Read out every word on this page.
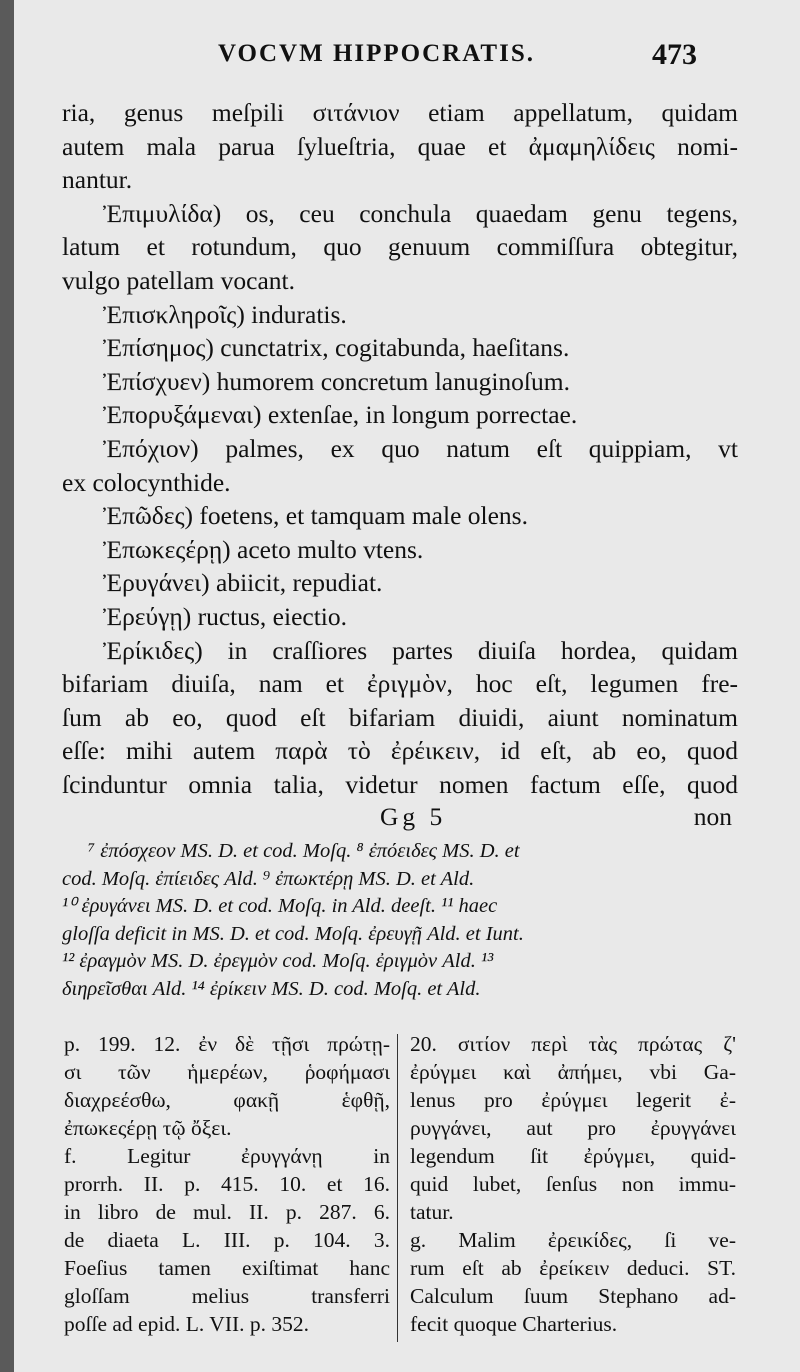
VOCVM HIPPOCRATIS.	473
ria, genus meſpili σιτάνιον etiam appellatum, quidam
autem mala parua ſylueſtria, quae et ἀμαμηλίδεις nomi-
nantur.
Ἐπιμυλίδα) os, ceu conchula quaedam genu tegens,
latum et rotundum, quo genuum commiſſura obtegitur,
vulgo patellam vocant.
Ἐπισκληροῖς) induratis.
Ἐπίσημος) cunctatrix, cogitabunda, haeſitans.
Ἐπίσχυεν) humorem concretum lanuginoſum.
Ἐπορυξάμεναι) extenſae, in longum porrectae.
Ἐπόχιον) palmes, ex quo natum eſt quippiam, vt
ex colocynthide.
Ἐπῶδες) foetens, et tamquam male olens.
Ἐπωκεςέρῃ) aceto multo vtens.
Ἐρυγάνει) abiicit, repudiat.
Ἐρεύγῃ) ructus, eiectio.
Ἐρίκιδες) in craſſiores partes diuiſa hordea, quidam
bifariam diuiſa, nam et ἐριγμὸν, hoc eſt, legumen fre-
ſum ab eo, quod eſt bifariam diuidi, aiunt nominatum
eſſe: mihi autem παρὰ τὸ ἐρέικειν, id eſt, ab eo, quod
ſcinduntur omnia talia, videtur nomen factum eſſe, quod
Gg 5	non
⁷ ἐπόσχεον MS. D. et cod. Moſq. ⁸ ἐπόειδες MS. D. et
cod. Moſq. ἐπίειδες Ald. ⁹ ἐπωκτέρῃ MS. D. et Ald.
¹⁰ ἐρυγάνει MS. D. et cod. Moſq. in Ald. deeſt. ¹¹ haec
gloſſa deficit in MS. D. et cod. Moſq. ἐρευγῇ Ald. et Iunt.
¹² ἐραγμὸν MS. D. ἐρεγμὸν cod. Moſq. ἐριγμὸν Ald. ¹³
διηρεῖσθαι Ald. ¹⁴ ἐρίκειν MS. D. cod. Moſq. et Ald.
p. 199. 12. ἐν δὲ τῇσι πρώτῃ-
σι τῶν ἡμερέων, ῥοφήμασι
διαχρεέσθω, φακῇ ἑφθῇ,
ἐπωκεςέρῃ τῷ ὄξει.
f. Legitur ἐρυγγάνῃ in
prorrh. II. p. 415. 10. et 16.
in libro de mul. II. p. 287. 6.
de diaeta L. III. p. 104. 3.
Foeſius tamen exiſtimat hanc
gloſſam melius transferri
poſſe ad epid. L. VII. p. 352.
20. σιτίον περὶ τὰς πρώτας ζ'
ἐρύγμει καὶ ἀπήμει, vbi Ga-
lenus pro ἐρύγμει legerit ἐ-
ρυγγάνει, aut pro ἐρυγγάνει
legendum ſit ἐρύγμει, quid-
quid lubet, ſenſus non immu-
tatur.
g. Malim ἐρεικίδες, ſi ve-
rum eſt ab ἐρείκειν deduci. ST.
Calculum ſuum Stephano ad-
fecit quoque Charterius.
